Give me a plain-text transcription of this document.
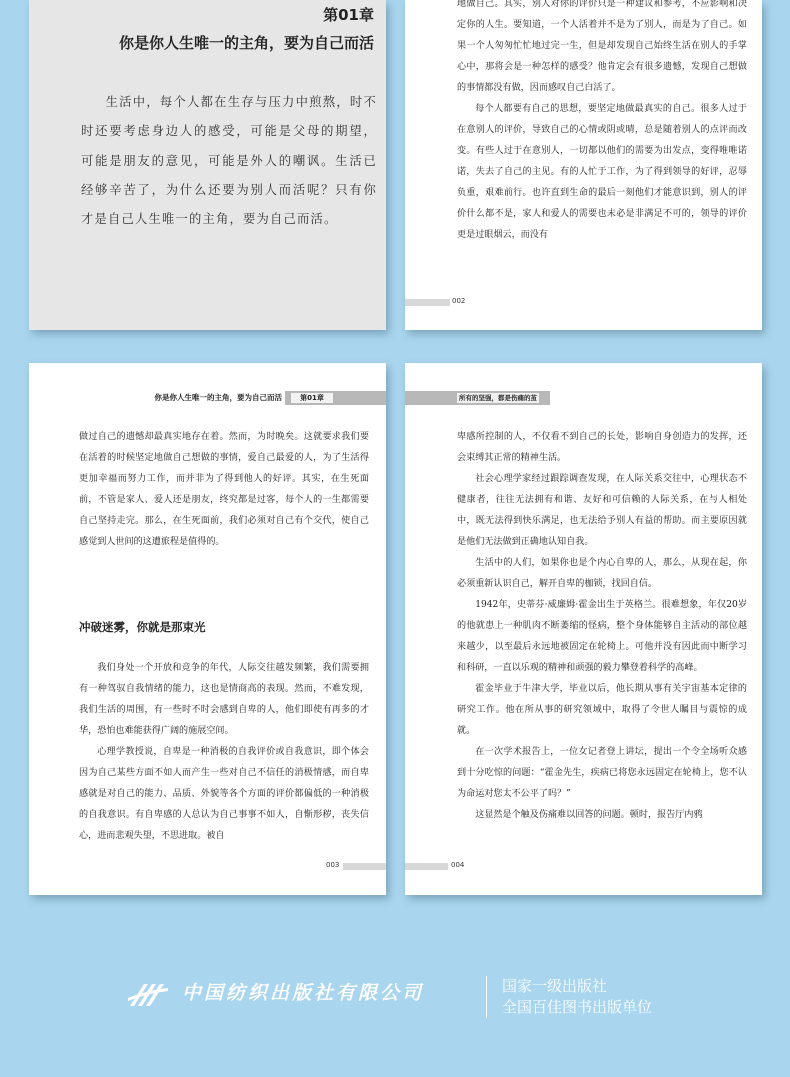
第01章
你是你人生唯一的主角，要为自己而活
生活中，每个人都在生存与压力中煎熬，时不时还要考虑身边人的感受，可能是父母的期望，可能是朋友的意见，可能是外人的嘲讽。生活已经够辛苦了，为什么还要为别人而活呢？只有你才是自己人生唯一的主角，要为自己而活。

地做自己。其实，别人对你的评价只是一种建议和参考，不应影响和决定你的人生。要知道，一个人活着并不是为了别人，而是为了自己。如果一个人匆匆忙忙地过完一生，但是却发现自己始终生活在别人的手掌心中，那将会是一种怎样的感受？他肯定会有很多遗憾，发现自己想做的事情都没有做，因而感叹自己白活了。

每个人都要有自己的思想，要坚定地做最真实的自己。很多人过于在意别人的评价，导致自己的心情或阴或晴，总是随着别人的点评而改变。有些人过于在意别人，一切都以他们的需要为出发点，变得唯唯诺诺，失去了自己的主见。有的人忙于工作，为了得到领导的好评，忍辱负重，艰难前行。也许直到生命的最后一刻他们才能意识到，别人的评价什么都不是，家人和爱人的需要也未必是非满足不可的，领导的评价更是过眼烟云，而没有

002
你是你人生唯一的主角，要为自己而活	第01章

做过自己的遗憾却最真实地存在着。然而，为时晚矣。这就要求我们要在活着的时候坚定地做自己想做的事情，爱自己最爱的人，为了生活得更加幸福而努力工作，而并非为了得到他人的好评。其实，在生死面前，不管是家人、爱人还是朋友，终究都是过客，每个人的一生都需要自己坚持走完。那么，在生死面前，我们必须对自己有个交代，使自己感觉到人世间的这遭旅程是值得的。

冲破迷雾，你就是那束光

我们身处一个开放和竞争的年代，人际交往越发频繁，我们需要拥有一种驾驭自我情绪的能力，这也是情商高的表现。然而，不难发现，我们生活的周围，有一些时不时会感到自卑的人，他们即使有再多的才华，恐怕也难能获得广阔的施展空间。

心理学教授说，自卑是一种消极的自我评价或自我意识，即个体会因为自己某些方面不如人而产生一些对自己不信任的消极情感，而自卑感就是对自己的能力、品质、外貌等各个方面的评价都偏低的一种消极的自我意识。有自卑感的人总认为自己事事不如人，自惭形秽，丧失信心，进而悲观失望，不思进取。被自

003
所有的坚强，都是伤痛的茧

卑感所控制的人，不仅看不到自己的长处，影响自身创造力的发挥，还会束缚其正常的精神生活。

社会心理学家经过跟踪调查发现，在人际关系交往中，心理状态不健康者，往往无法拥有和谐、友好和可信赖的人际关系，在与人相处中，既无法得到快乐满足，也无法给予别人有益的帮助。而主要原因就是他们无法做到正确地认知自我。

生活中的人们，如果你也是个内心自卑的人，那么，从现在起，你必须重新认识自己，解开自卑的枷锁，找回自信。

1942年，史蒂芬·威廉姆·霍金出生于英格兰。很难想象，年仅20岁的他就患上一种肌肉不断萎缩的怪病，整个身体能够自主活动的部位越来越少，以至最后永远地被固定在轮椅上。可他并没有因此而中断学习和科研，一直以乐观的精神和顽强的毅力攀登着科学的高峰。

霍金毕业于牛津大学，毕业以后，他长期从事有关宇宙基本定律的研究工作。他在所从事的研究领域中，取得了令世人瞩目与震惊的成就。

在一次学术报告上，一位女记者登上讲坛，提出一个令全场听众感到十分吃惊的问题：“霍金先生，疾病已将您永远固定在轮椅上，您不认为命运对您太不公平了吗？”

这显然是个触及伤痛难以回答的问题。顿时，报告厅内鸦

004
中国纺织出版社有限公司	国家一级出版社
全国百佳图书出版单位
